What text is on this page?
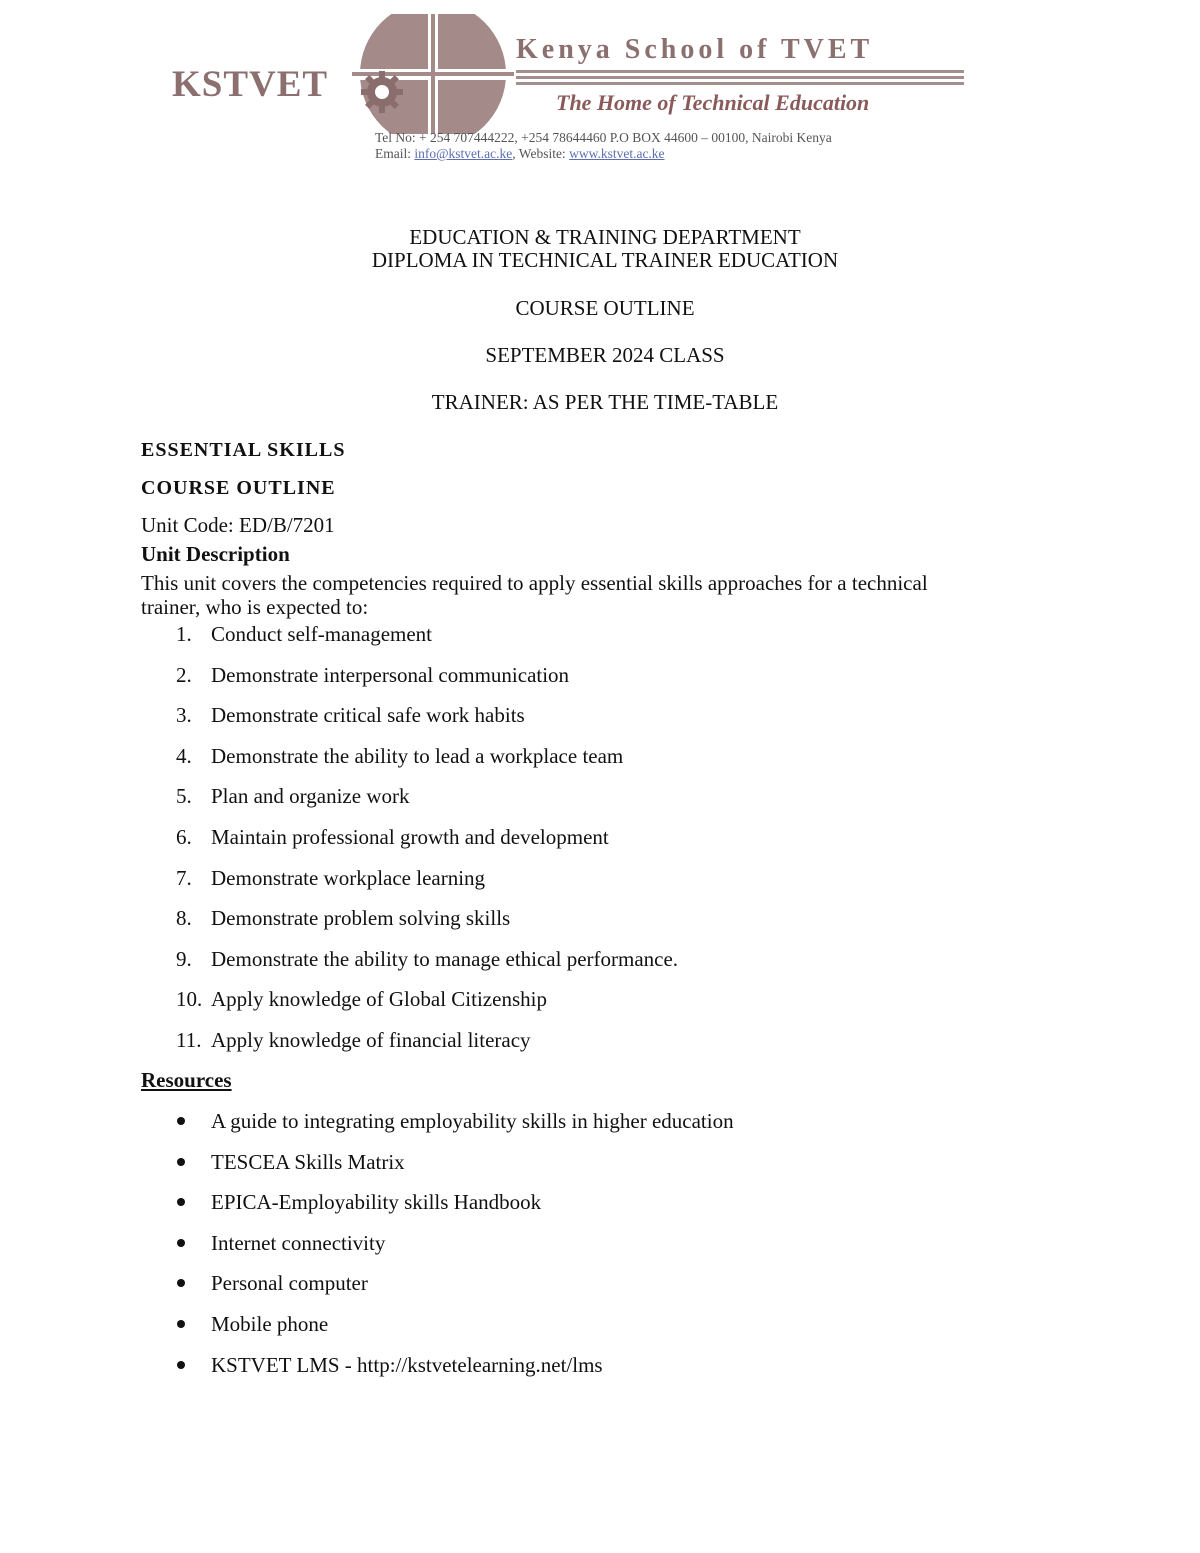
KSTVET
Kenya School of TVET
The Home of Technical Education
Tel No: + 254 707444222, +254 78644460 P.O BOX 44600 – 00100, Nairobi Kenya
Email: info@kstvet.ac.ke, Website: www.kstvet.ac.ke
EDUCATION & TRAINING DEPARTMENT
DIPLOMA IN TECHNICAL TRAINER EDUCATION
COURSE OUTLINE
SEPTEMBER 2024 CLASS
TRAINER: AS PER THE TIME-TABLE
ESSENTIAL SKILLS
COURSE OUTLINE
Unit Code: ED/B/7201
Unit Description
This unit covers the competencies required to apply essential skills approaches for a technical
trainer, who is expected to:
1. Conduct self-management
2. Demonstrate interpersonal communication
3. Demonstrate critical safe work habits
4. Demonstrate the ability to lead a workplace team
5. Plan and organize work
6. Maintain professional growth and development
7. Demonstrate workplace learning
8. Demonstrate problem solving skills
9. Demonstrate the ability to manage ethical performance.
10. Apply knowledge of Global Citizenship
11. Apply knowledge of financial literacy
Resources
A guide to integrating employability skills in higher education
TESCEA Skills Matrix
EPICA-Employability skills Handbook
Internet connectivity
Personal computer
Mobile phone
KSTVET LMS - http://kstvetelearning.net/lms
